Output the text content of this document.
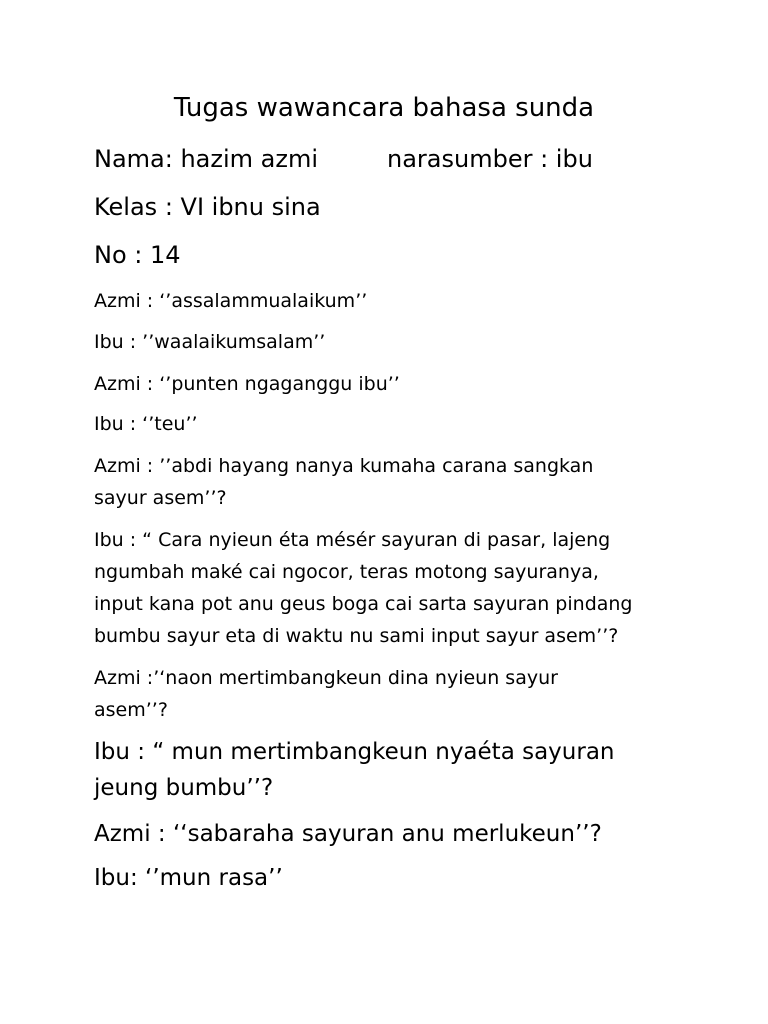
Tugas wawancara bahasa sunda
Nama: hazim azmi	narasumber : ibu
Kelas : VI ibnu sina
No : 14
Azmi : ‘’assalammualaikum’’
Ibu : ’’waalaikumsalam’’
Azmi : ‘’punten ngaganggu ibu’’
Ibu : ‘’teu’’
Azmi : ’’abdi hayang nanya kumaha carana sangkan
sayur asem’’?
Ibu : “ Cara nyieun éta mésér sayuran di pasar, lajeng
ngumbah maké cai ngocor, teras motong sayuranya,
input kana pot anu geus boga cai sarta sayuran pindang
bumbu sayur eta di waktu nu sami input sayur asem’’?
Azmi :’‘naon mertimbangkeun dina nyieun sayur
asem’’?
Ibu : “ mun mertimbangkeun nyaéta sayuran
jeung bumbu’’?
Azmi : ‘‘sabaraha sayuran anu merlukeun’’?
Ibu: ‘’mun rasa’’
